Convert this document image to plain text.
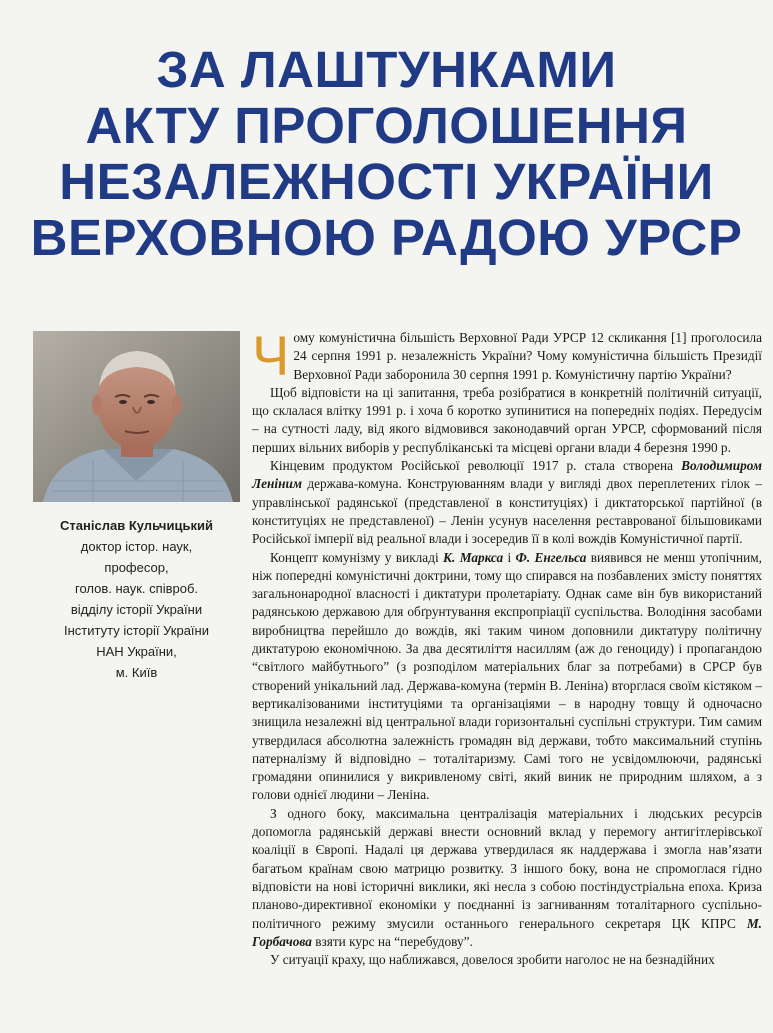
ЗА ЛАШТУНКАМИ
АКТУ ПРОГОЛОШЕННЯ
НЕЗАЛЕЖНОСТІ УКРАЇНИ
ВЕРХОВНОЮ РАДОЮ УРСР
Станіслав Кульчицький
доктор істор. наук,
професор,
голов. наук. співроб.
відділу історії України
Інституту історії України
НАН України,
м. Київ

Чому комуністична більшість Верховної Ради УРСР 12 скликання [1] проголосила 24 серпня 1991 р. незалежність України? Чому комуністична більшість Президії Верховної Ради заборонила 30 серпня 1991 р. Комуністичну партію України?

Щоб відповісти на ці запитання, треба розібратися в конкретній політичній ситуації, що склалася влітку 1991 р. і хоча б коротко зупинитися на попередніх подіях. Передусім – на сутності ладу, від якого відмовився законодавчий орган УРСР, сформований після перших вільних виборів у республіканські та місцеві органи влади 4 березня 1990 р.

Кінцевим продуктом Російської революції 1917 р. стала створена Володимиром Леніним держава-комуна. Конструюванням влади у вигляді двох переплетених гілок – управлінської радянської (представленої в конституціях) і диктаторської партійної (в конституціях не представленої) – Ленін усунув населення реставрованої більшовиками Російської імперії від реальної влади і зосередив її в колі вождів Комуністичної партії.

Концепт комунізму у викладі К. Маркса і Ф. Енгельса виявився не менш утопічним, ніж попередні комуністичні доктрини, тому що спирався на позбавлених змісту поняттях загальнонародної власності і диктатури пролетаріату. Однак саме він був використаний радянською державою для обґрунтування експропріації суспільства. Володіння засобами виробництва перейшло до вождів, які таким чином доповнили диктатуру політичну диктатурою економічною. За два десятиліття насиллям (аж до геноциду) і пропагандою “світлого майбутнього” (з розподілом матеріальних благ за потребами) в СРСР був створений унікальний лад. Держава-комуна (термін В. Леніна) вторглася своїм кістяком – вертикалізованими інституціями та організаціями – в народну товщу й одночасно знищила незалежні від центральної влади горизонтальні суспільні структури. Тим самим утвердилася абсолютна залежність громадян від держави, тобто максимальний ступінь патерналізму й відповідно – тоталітаризму. Самі того не усвідомлюючи, радянські громадяни опинилися у викривленому світі, який виник не природним шляхом, а з голови однієї людини – Леніна.

З одного боку, максимальна централізація матеріальних і людських ресурсів допомогла радянській державі внести основний вклад у перемогу антигітлерівської коаліції в Європі. Надалі ця держава утвердилася як наддержава і змогла нав’язати багатьом країнам свою матрицю розвитку. З іншого боку, вона не спромоглася гідно відповісти на нові історичні виклики, які несла з собою постіндустріальна епоха. Криза планово-директивної економіки у поєднанні із загниванням тоталітарного суспільно-політичного режиму змусили останнього генерального секретаря ЦК КПРС М. Горбачова взяти курс на “перебудову”.

У ситуації краху, що наближався, довелося зробити наголос не на безнадійних
